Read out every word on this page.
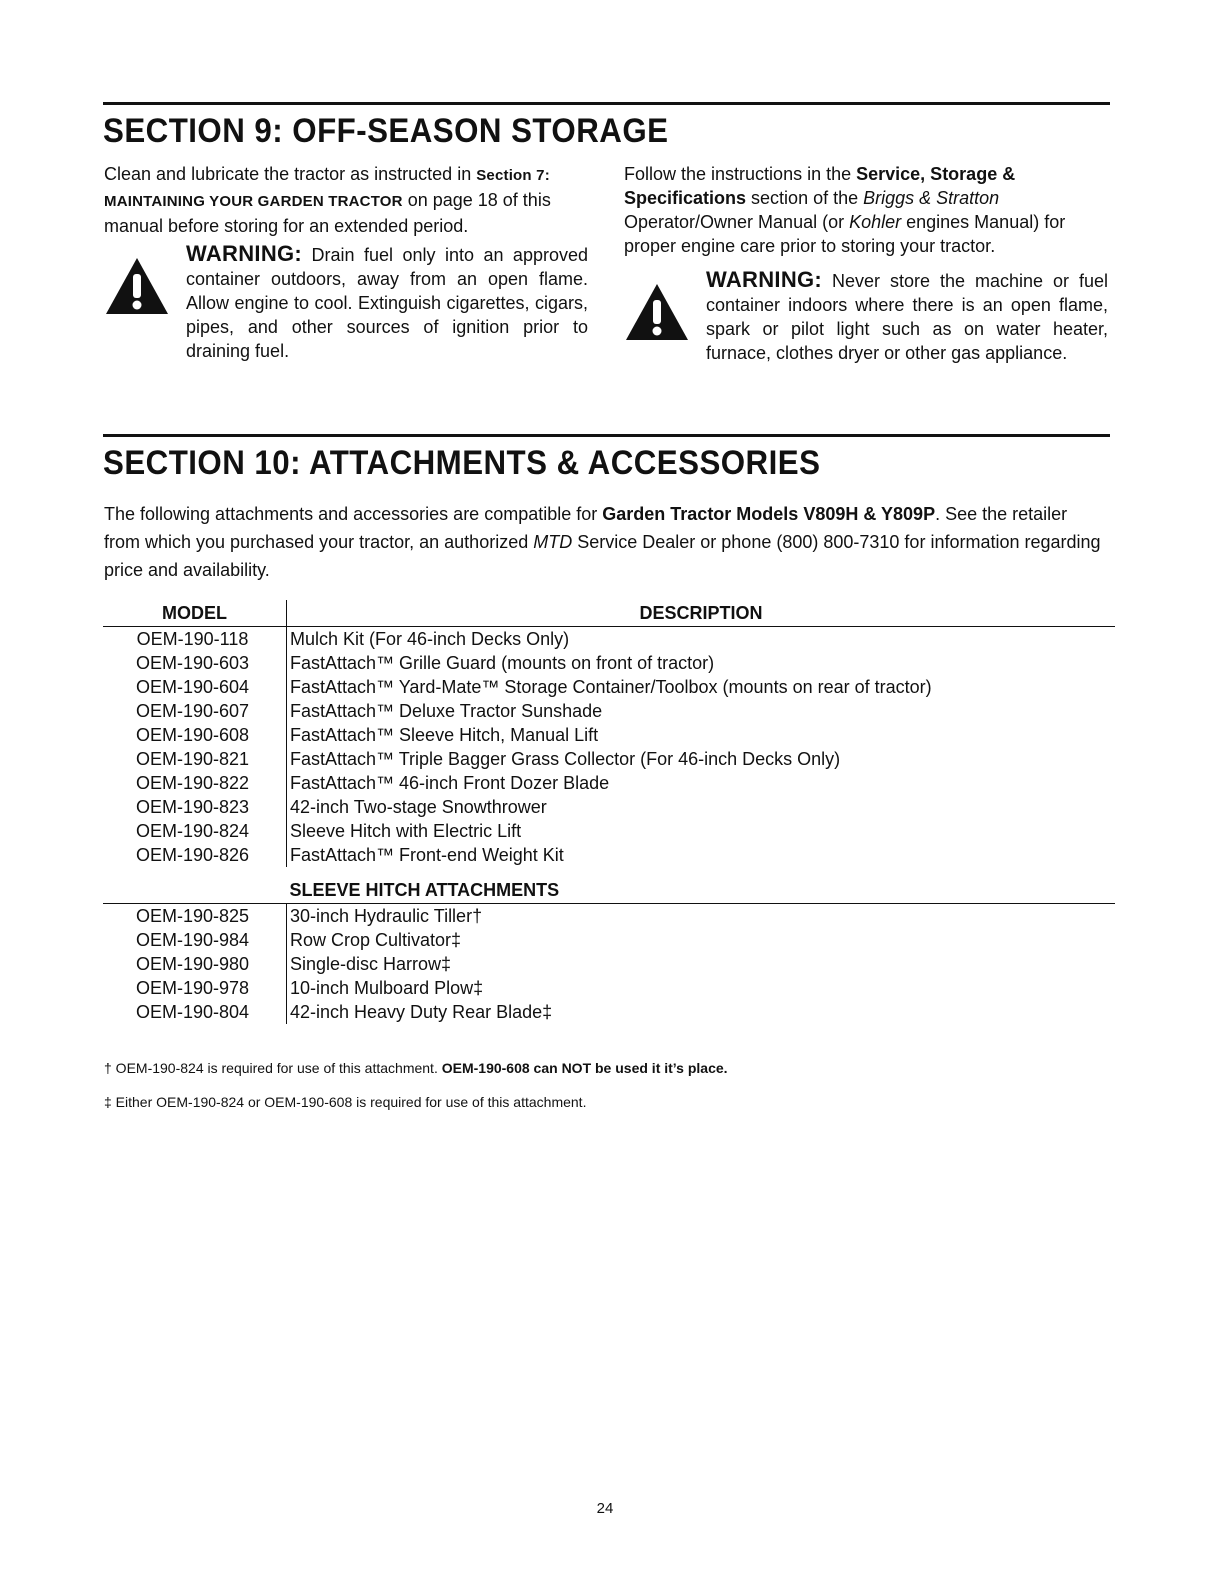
SECTION 9: OFF-SEASON STORAGE

Clean and lubricate the tractor as instructed in Section 7: MAINTAINING YOUR GARDEN TRACTOR on page 18 of this manual before storing for an extended period.

WARNING: Drain fuel only into an approved container outdoors, away from an open flame. Allow engine to cool. Extinguish cigarettes, cigars, pipes, and other sources of ignition prior to draining fuel.

Follow the instructions in the Service, Storage & Specifications section of the Briggs & Stratton Operator/Owner Manual (or Kohler engines Manual) for proper engine care prior to storing your tractor.

WARNING: Never store the machine or fuel container indoors where there is an open flame, spark or pilot light such as on water heater, furnace, clothes dryer or other gas appliance.

SECTION 10: ATTACHMENTS & ACCESSORIES

The following attachments and accessories are compatible for Garden Tractor Models V809H & Y809P. See the retailer from which you purchased your tractor, an authorized MTD Service Dealer or phone (800) 800-7310 for information regarding price and availability.

MODEL	DESCRIPTION
OEM-190-118	Mulch Kit (For 46-inch Decks Only)
OEM-190-603	FastAttach™ Grille Guard (mounts on front of tractor)
OEM-190-604	FastAttach™ Yard-Mate™ Storage Container/Toolbox (mounts on rear of tractor)
OEM-190-607	FastAttach™ Deluxe Tractor Sunshade
OEM-190-608	FastAttach™ Sleeve Hitch, Manual Lift
OEM-190-821	FastAttach™ Triple Bagger Grass Collector (For 46-inch Decks Only)
OEM-190-822	FastAttach™ 46-inch Front Dozer Blade
OEM-190-823	42-inch Two-stage Snowthrower
OEM-190-824	Sleeve Hitch with Electric Lift
OEM-190-826	FastAttach™ Front-end Weight Kit

	SLEEVE HITCH ATTACHMENTS
OEM-190-825	30-inch Hydraulic Tiller†
OEM-190-984	Row Crop Cultivator‡
OEM-190-980	Single-disc Harrow‡
OEM-190-978	10-inch Mulboard Plow‡
OEM-190-804	42-inch Heavy Duty Rear Blade‡

† OEM-190-824 is required for use of this attachment. OEM-190-608 can NOT be used it it’s place.

‡ Either OEM-190-824 or OEM-190-608 is required for use of this attachment.

24
